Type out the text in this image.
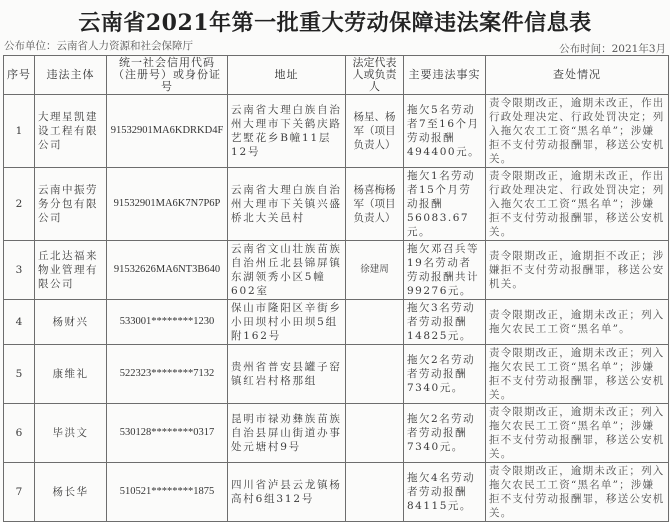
云南省2021年第一批重大劳动保障违法案件信息表
公布单位：云南省人力资源和社会保障厅	公布时间：2021年3月
序号	违法主体	统一社会信用代码（注册号）或身份证号	地址	法定代表人或负责人	主要违法事实	查处情况
1	大理星凯建设工程有限公司	91532901MA6KDRKD4F	云南省大理白族自治州大理市下关鹤庆路艺墅花乡B幢11层12号	杨星、杨军（项目负责人）	拖欠5名劳动者7至16个月劳动报酬494400元。	责令限期改正，逾期未改正，作出行政处理决定、行政处罚决定；列入拖欠农工工资“黑名单”；涉嫌拒不支付劳动报酬罪，移送公安机关。
2	云南中振劳务分包有限公司	91532901MA6K7N7P6P	云南省大理白族自治州大理市下关镇兴盛桥北大关邑村	杨喜梅杨军（项目负责人）	拖欠1名劳动者15个月劳动报酬56083.67元。	责令限期改正，逾期未改正，作出行政处理决定、行政处罚决定；列入拖欠农工工资“黑名单”；涉嫌拒不支付劳动报酬罪，移送公安机关。
3	丘北达福来物业管理有限公司	91532626MA6NT3B640	云南省文山壮族苗族自治州丘北县锦屏镇东湖领秀小区5幢602室	徐建周	拖欠邓召兵等19名劳动者劳动报酬共计99276元。	责令限期改正，逾期拒不改正；涉嫌拒不支付劳动报酬罪，移送公安机关。
4	杨财兴	533001********1230	保山市隆阳区辛街乡小田坝村小田坝5组附162号		拖欠3名劳动者劳动报酬14825元。	责令限期改正，逾期未改正；列入拖欠农民工工资“黑名单”。
5	康维礼	522323********7132	贵州省普安县罐子窑镇红岩村格那组		拖欠2名劳动者劳动报酬7340元。	责令限期改正，逾期未改正；列入拖欠农民工工资“黑名单”；涉嫌拒不支付劳动报酬罪，移送公安机关。
6	毕洪文	530128********0317	昆明市禄劝彝族苗族自治县屏山街道办事处元塘村9号		拖欠2名劳动者劳动报酬7340元。	责令限期改正，逾期未改正；列入拖欠农民工工资“黑名单”；涉嫌拒不支付劳动报酬罪，移送公安机关。
7	杨长华	510521********1875	四川省泸县云龙镇杨高村6组312号		拖欠4名劳动者劳动报酬84115元。	责令限期改正，逾期未改正；列入拖欠农民工工资“黑名单”；涉嫌拒不支付劳动报酬罪，移送公安机关。
